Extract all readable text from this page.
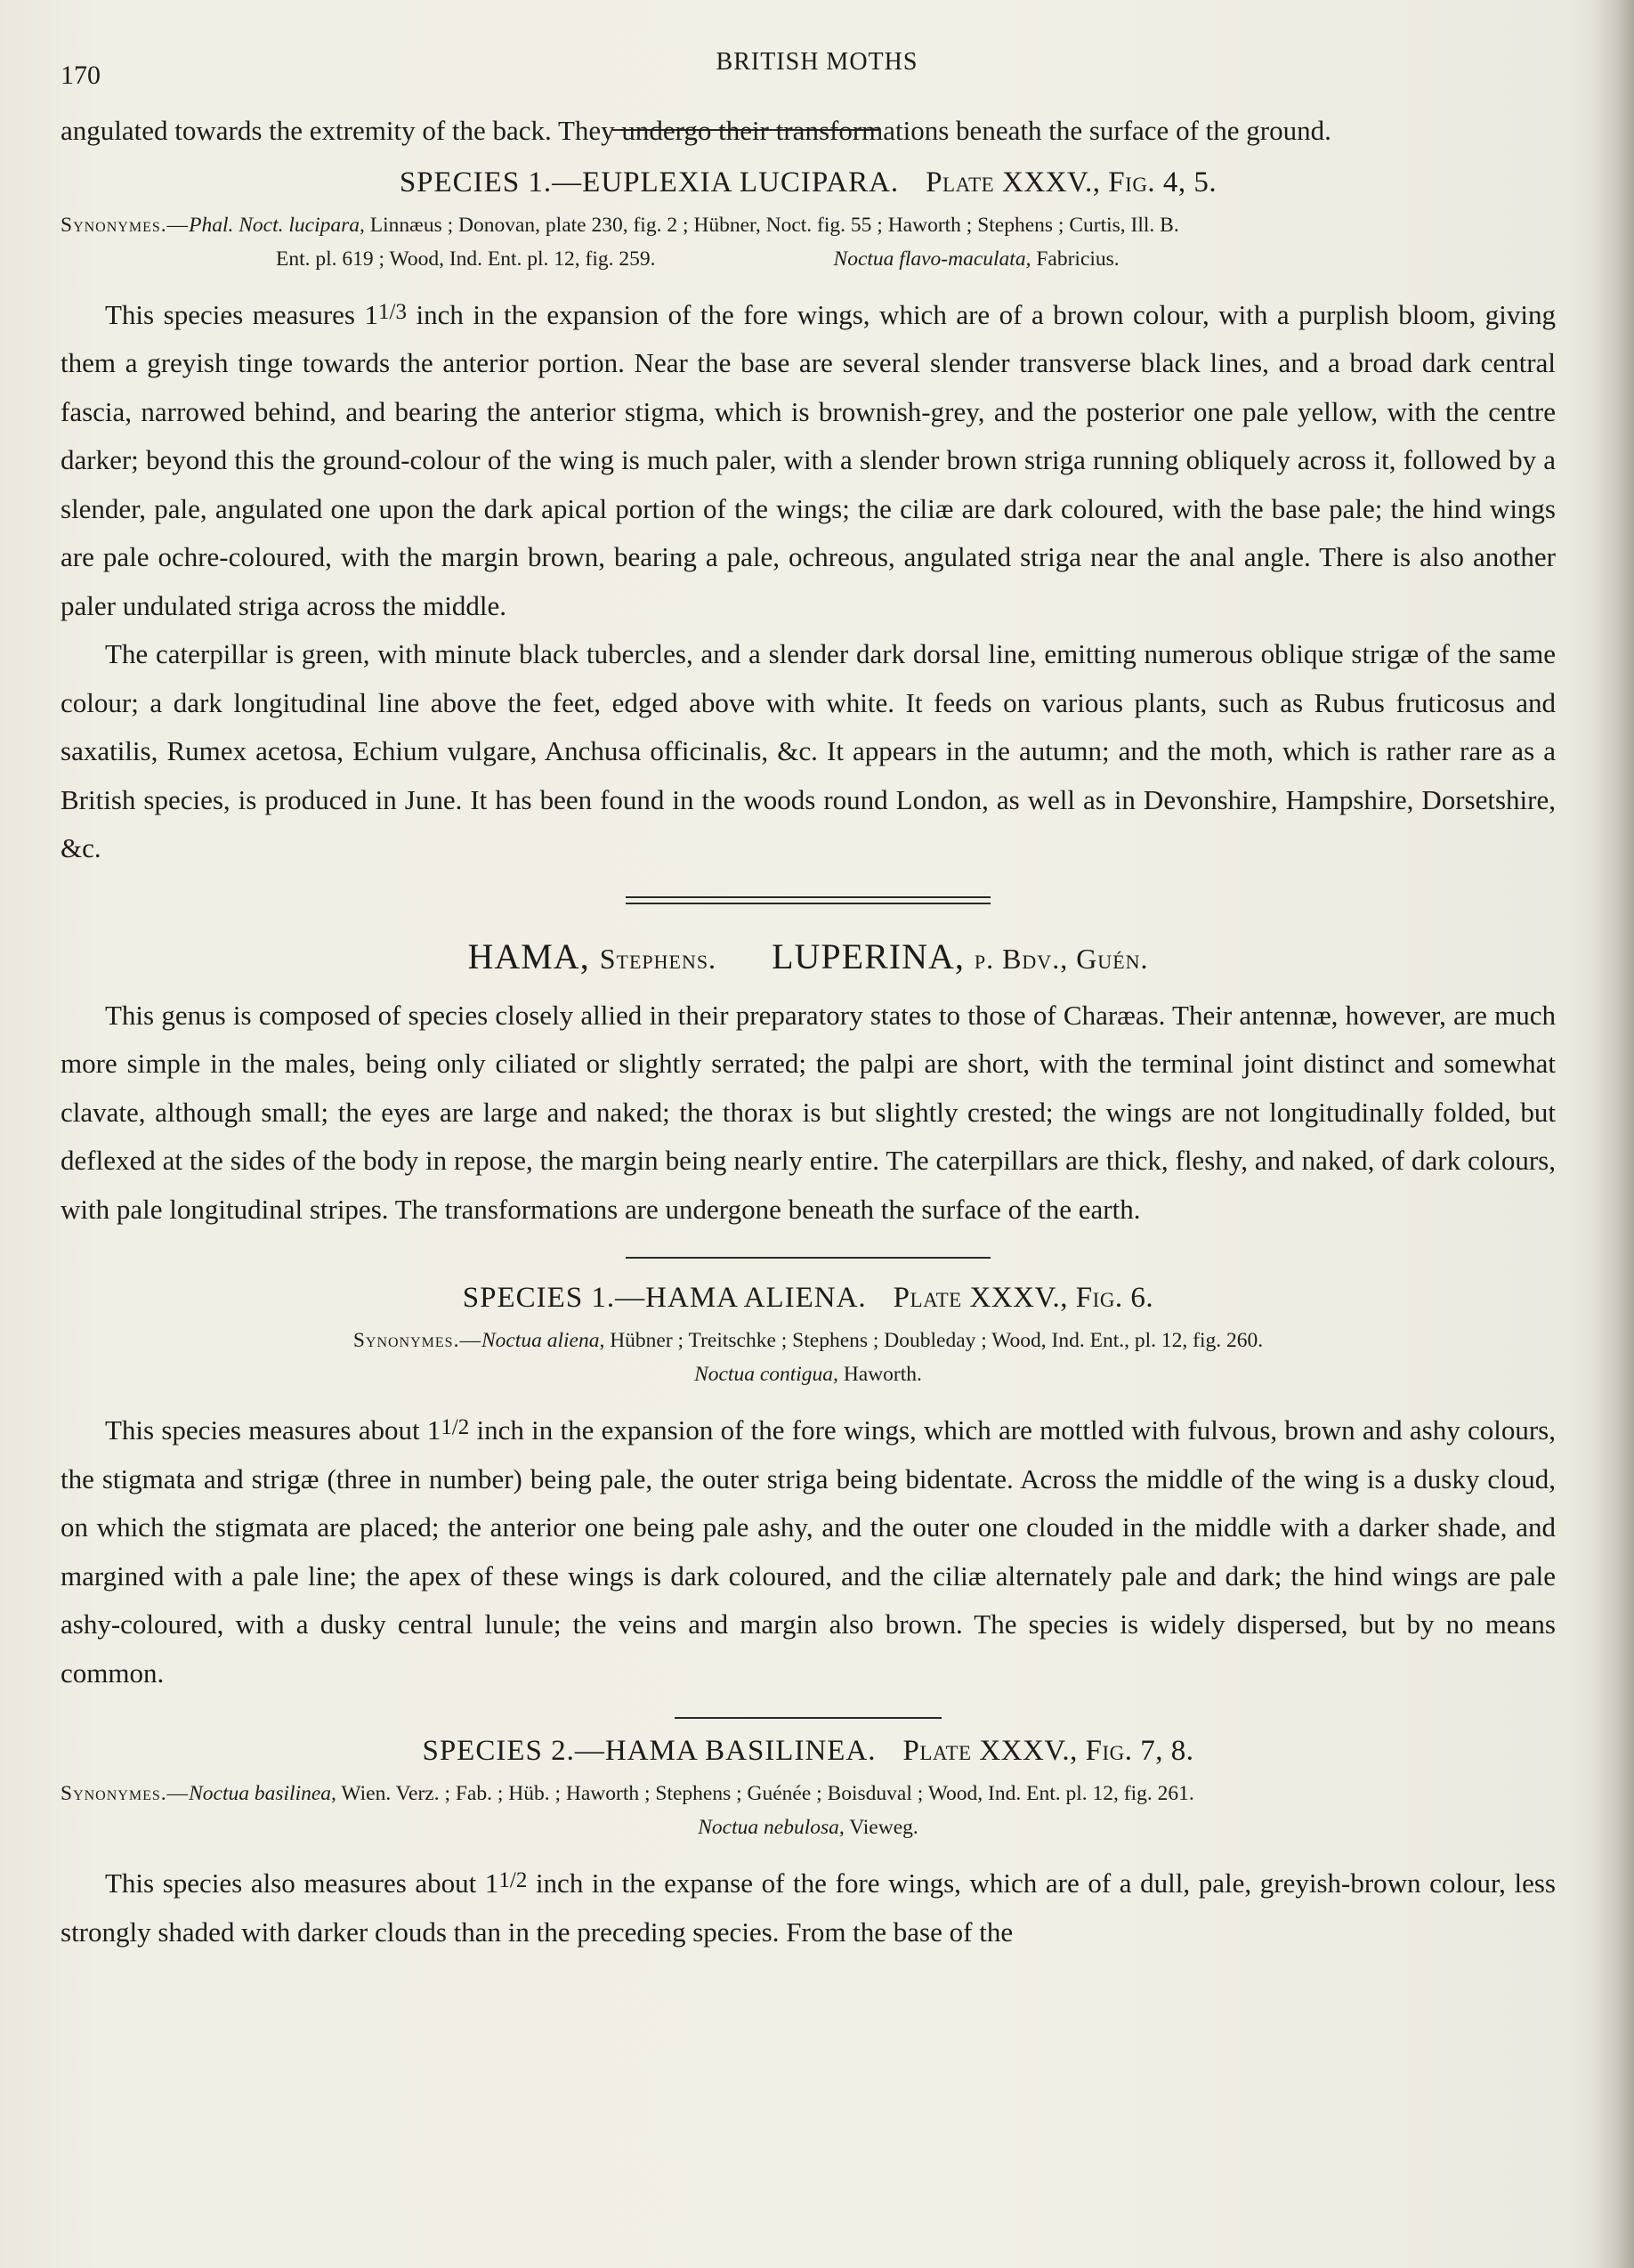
170	BRITISH MOTHS

angulated towards the extremity of the back. They undergo their transformations beneath the surface of the ground.

SPECIES 1.—EUPLEXIA LUCIPARA. Plate XXXV., Fig. 4, 5.
Synonymes.—Phal. Noct. lucipara, Linnæus ; Donovan, plate 230, fig. 2 ; Hübner, Noct. fig. 55 ; Haworth ; Stephens ; Curtis, Ill. B.
Ent. pl. 619 ; Wood, Ind. Ent. pl. 12, fig. 259.	Noctua flavo-maculata, Fabricius.

This species measures 11/3 inch in the expansion of the fore wings, which are of a brown colour, with a purplish bloom, giving them a greyish tinge towards the anterior portion. Near the base are several slender transverse black lines, and a broad dark central fascia, narrowed behind, and bearing the anterior stigma, which is brownish-grey, and the posterior one pale yellow, with the centre darker; beyond this the ground-colour of the wing is much paler, with a slender brown striga running obliquely across it, followed by a slender, pale, angulated one upon the dark apical portion of the wings; the ciliæ are dark coloured, with the base pale; the hind wings are pale ochre-coloured, with the margin brown, bearing a pale, ochreous, angulated striga near the anal angle. There is also another paler undulated striga across the middle.

The caterpillar is green, with minute black tubercles, and a slender dark dorsal line, emitting numerous oblique strigæ of the same colour; a dark longitudinal line above the feet, edged above with white. It feeds on various plants, such as Rubus fruticosus and saxatilis, Rumex acetosa, Echium vulgare, Anchusa officinalis, &c. It appears in the autumn; and the moth, which is rather rare as a British species, is produced in June. It has been found in the woods round London, as well as in Devonshire, Hampshire, Dorsetshire, &c.

HAMA, Stephens. LUPERINA, p. Bdv., Guén.

This genus is composed of species closely allied in their preparatory states to those of Charæas. Their antennæ, however, are much more simple in the males, being only ciliated or slightly serrated; the palpi are short, with the terminal joint distinct and somewhat clavate, although small; the eyes are large and naked; the thorax is but slightly crested; the wings are not longitudinally folded, but deflexed at the sides of the body in repose, the margin being nearly entire. The caterpillars are thick, fleshy, and naked, of dark colours, with pale longitudinal stripes. The transformations are undergone beneath the surface of the earth.

SPECIES 1.—HAMA ALIENA. Plate XXXV., Fig. 6.
Synonymes.—Noctua aliena, Hübner ; Treitschke ; Stephens ; Doubleday ; Wood, Ind. Ent., pl. 12, fig. 260.
Noctua contigua, Haworth.

This species measures about 11/2 inch in the expansion of the fore wings, which are mottled with fulvous, brown and ashy colours, the stigmata and strigæ (three in number) being pale, the outer striga being bidentate. Across the middle of the wing is a dusky cloud, on which the stigmata are placed; the anterior one being pale ashy, and the outer one clouded in the middle with a darker shade, and margined with a pale line; the apex of these wings is dark coloured, and the ciliæ alternately pale and dark; the hind wings are pale ashy-coloured, with a dusky central lunule; the veins and margin also brown. The species is widely dispersed, but by no means common.

SPECIES 2.—HAMA BASILINEA. Plate XXXV., Fig. 7, 8.
Synonymes.—Noctua basilinea, Wien. Verz. ; Fab. ; Hüb. ; Haworth ; Stephens ; Guénée ; Boisduval ; Wood, Ind. Ent. pl. 12, fig. 261.
Noctua nebulosa, Vieweg.

This species also measures about 11/2 inch in the expanse of the fore wings, which are of a dull, pale, greyish-brown colour, less strongly shaded with darker clouds than in the preceding species. From the base of the
